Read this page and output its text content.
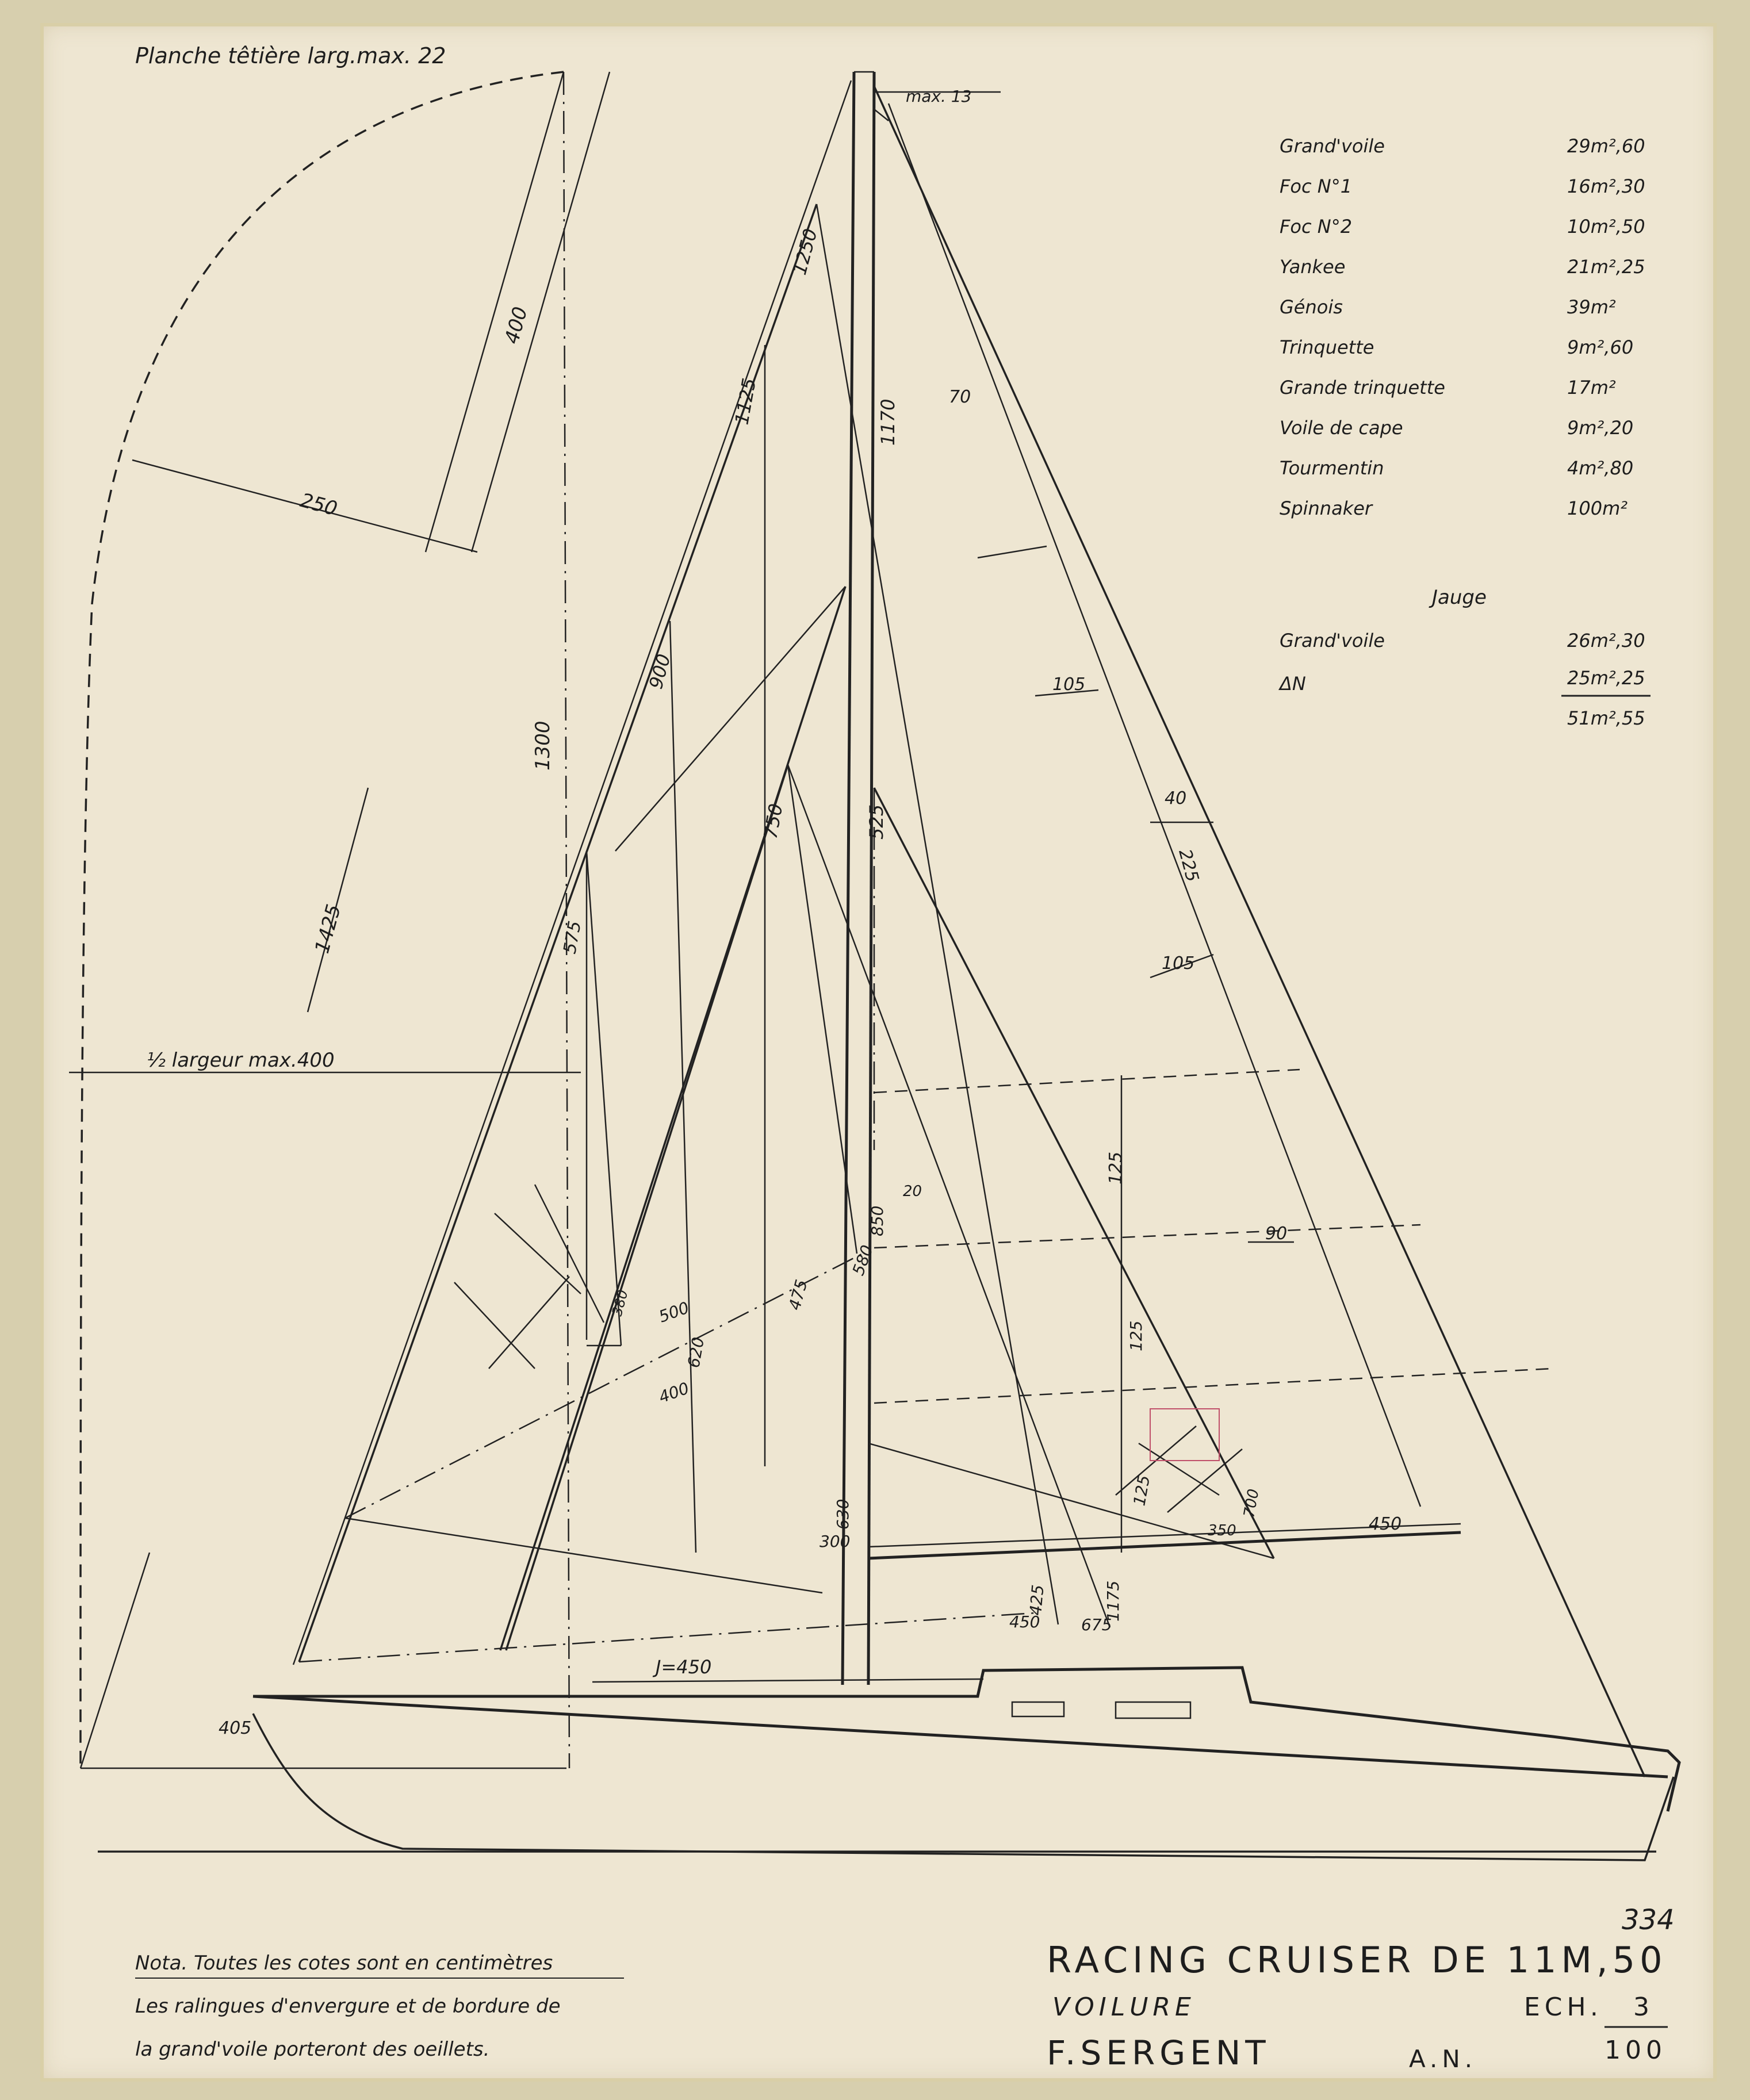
Planche têtière larg.max. 22
max. 13
400
250
1300
1425
½ largeur max.400
1250
1125	1170
900
750	525
70
105
40
225
105
575
125
20
850
580
90
475
500
620
400
380
125
125
350
700
630
300
450
425
450	675
1175
J=450
405
334
Grand'voile	29m²,60
Foc N°1	16m²,30
Foc N°2	10m²,50
Yankee	21m²,25
Génois	39m²
Trinquette	9m²,60
Grande trinquette	17m²
Voile de cape	9m²,20
Tourmentin	4m²,80
Spinnaker	100m²
Jauge
Grand'voile	26m²,30
ΔN	25m²,25
51m²,55
Nota. Toutes les cotes sont en centimètres
Les ralingues d'envergure et de bordure de
la grand'voile porteront des oeillets.
RACING CRUISER DE 11M,50
VOILURE	ECH. 3
100
F.SERGENT	A.N.
